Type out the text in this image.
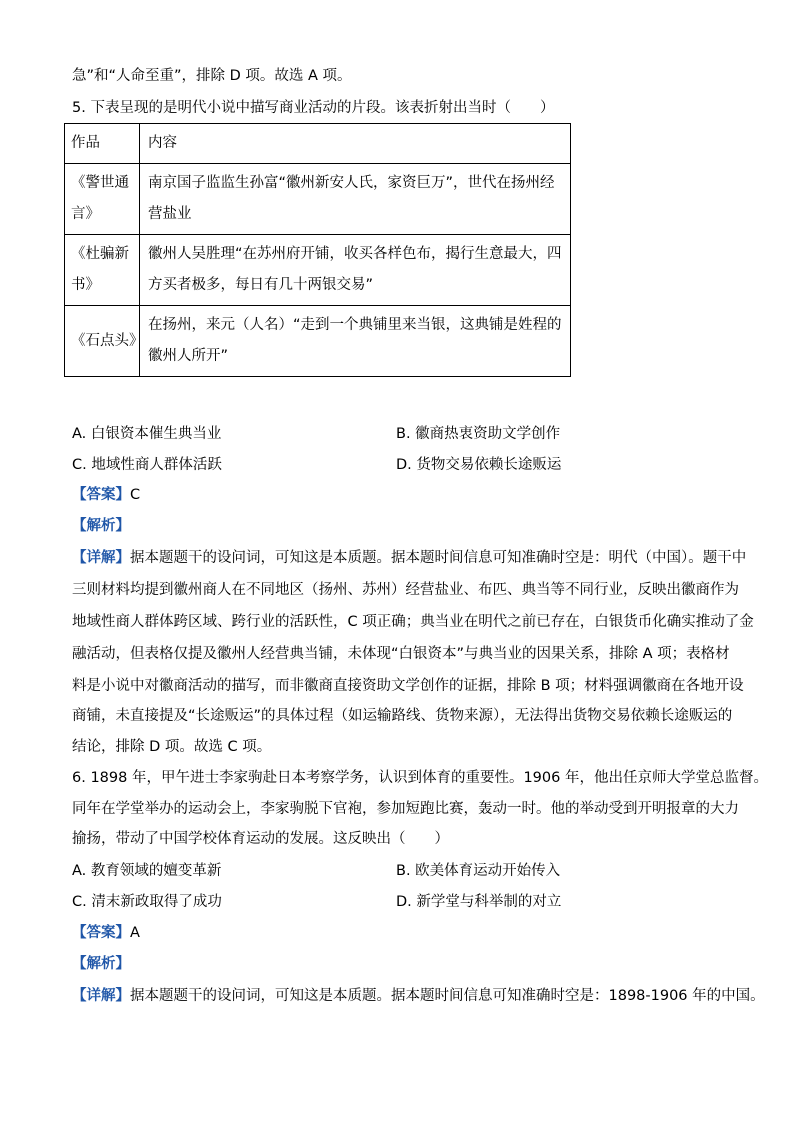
急”和“人命至重”，排除 D 项。故选 A 项。
5. 下表呈现的是明代小说中描写商业活动的片段。该表折射出当时（　　）
作品	内容
《警世通言》	南京国子监监生孙富“徽州新安人氏，家资巨万”，世代在扬州经营盐业
《杜骗新书》	徽州人吴胜理“在苏州府开铺，收买各样色布，揭行生意最大，四方买者极多，每日有几十两银交易”
《石点头》	在扬州，来元（人名）“走到一个典铺里来当银，这典铺是姓程的徽州人所开”
A. 白银资本催生典当业	B. 徽商热衷资助文学创作
C. 地域性商人群体活跃	D. 货物交易依赖长途贩运
【答案】C
【解析】
【详解】据本题题干的设问词，可知这是本质题。据本题时间信息可知准确时空是：明代（中国）。题干中
三则材料均提到徽州商人在不同地区（扬州、苏州）经营盐业、布匹、典当等不同行业，反映出徽商作为
地域性商人群体跨区域、跨行业的活跃性，C 项正确；典当业在明代之前已存在，白银货币化确实推动了金
融活动，但表格仅提及徽州人经营典当铺，未体现“白银资本”与典当业的因果关系，排除 A 项；表格材
料是小说中对徽商活动的描写，而非徽商直接资助文学创作的证据，排除 B 项；材料强调徽商在各地开设
商铺，未直接提及“长途贩运”的具体过程（如运输路线、货物来源），无法得出货物交易依赖长途贩运的
结论，排除 D 项。故选 C 项。
6. 1898 年，甲午进士李家驹赴日本考察学务，认识到体育的重要性。1906 年，他出任京师大学堂总监督。
同年在学堂举办的运动会上，李家驹脱下官袍，参加短跑比赛，轰动一时。他的举动受到开明报章的大力
揄扬，带动了中国学校体育运动的发展。这反映出（　　）
A. 教育领域的嬗变革新	B. 欧美体育运动开始传入
C. 清末新政取得了成功	D. 新学堂与科举制的对立
【答案】A
【解析】
【详解】据本题题干的设问词，可知这是本质题。据本题时间信息可知准确时空是：1898-1906 年的中国。
